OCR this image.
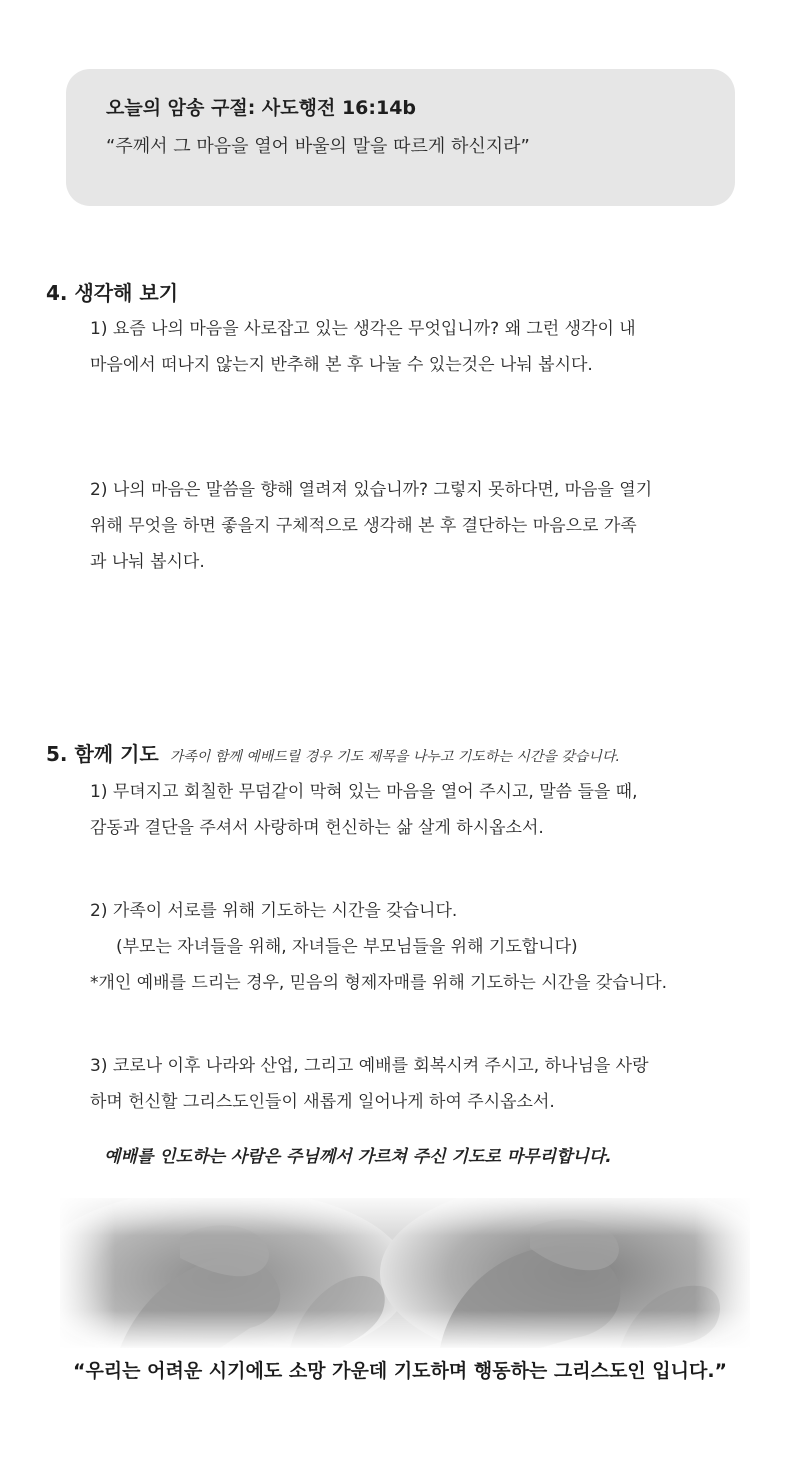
오늘의 암송 구절: 사도행전 16:14b
“주께서 그 마음을 열어 바울의 말을 따르게 하신지라”
4. 생각해 보기
1) 요즘 나의 마음을 사로잡고 있는 생각은 무엇입니까? 왜 그런 생각이 내
마음에서 떠나지 않는지 반추해 본 후 나눌 수 있는것은 나눠 봅시다.
2) 나의 마음은 말씀을 향해 열려져 있습니까? 그렇지 못하다면, 마음을 열기
위해 무엇을 하면 좋을지 구체적으로 생각해 본 후 결단하는 마음으로 가족
과 나눠 봅시다.
5. 함께 기도 가족이 함께 예배드릴 경우 기도 제목을 나누고 기도하는 시간을 갖습니다.
1) 무뎌지고 회칠한 무덤같이 막혀 있는 마음을 열어 주시고, 말씀 들을 때,
감동과 결단을 주셔서 사랑하며 헌신하는 삶 살게 하시옵소서.
2) 가족이 서로를 위해 기도하는 시간을 갖습니다.
(부모는 자녀들을 위해, 자녀들은 부모님들을 위해 기도합니다)
*개인 예배를 드리는 경우, 믿음의 형제자매를 위해 기도하는 시간을 갖습니다.
3) 코로나 이후 나라와 산업, 그리고 예배를 회복시켜 주시고, 하나님을 사랑
하며 헌신할 그리스도인들이 새롭게 일어나게 하여 주시옵소서.
예배를 인도하는 사람은 주님께서 가르쳐 주신 기도로 마무리합니다.
“우리는 어려운 시기에도 소망 가운데 기도하며 행동하는 그리스도인 입니다.”
